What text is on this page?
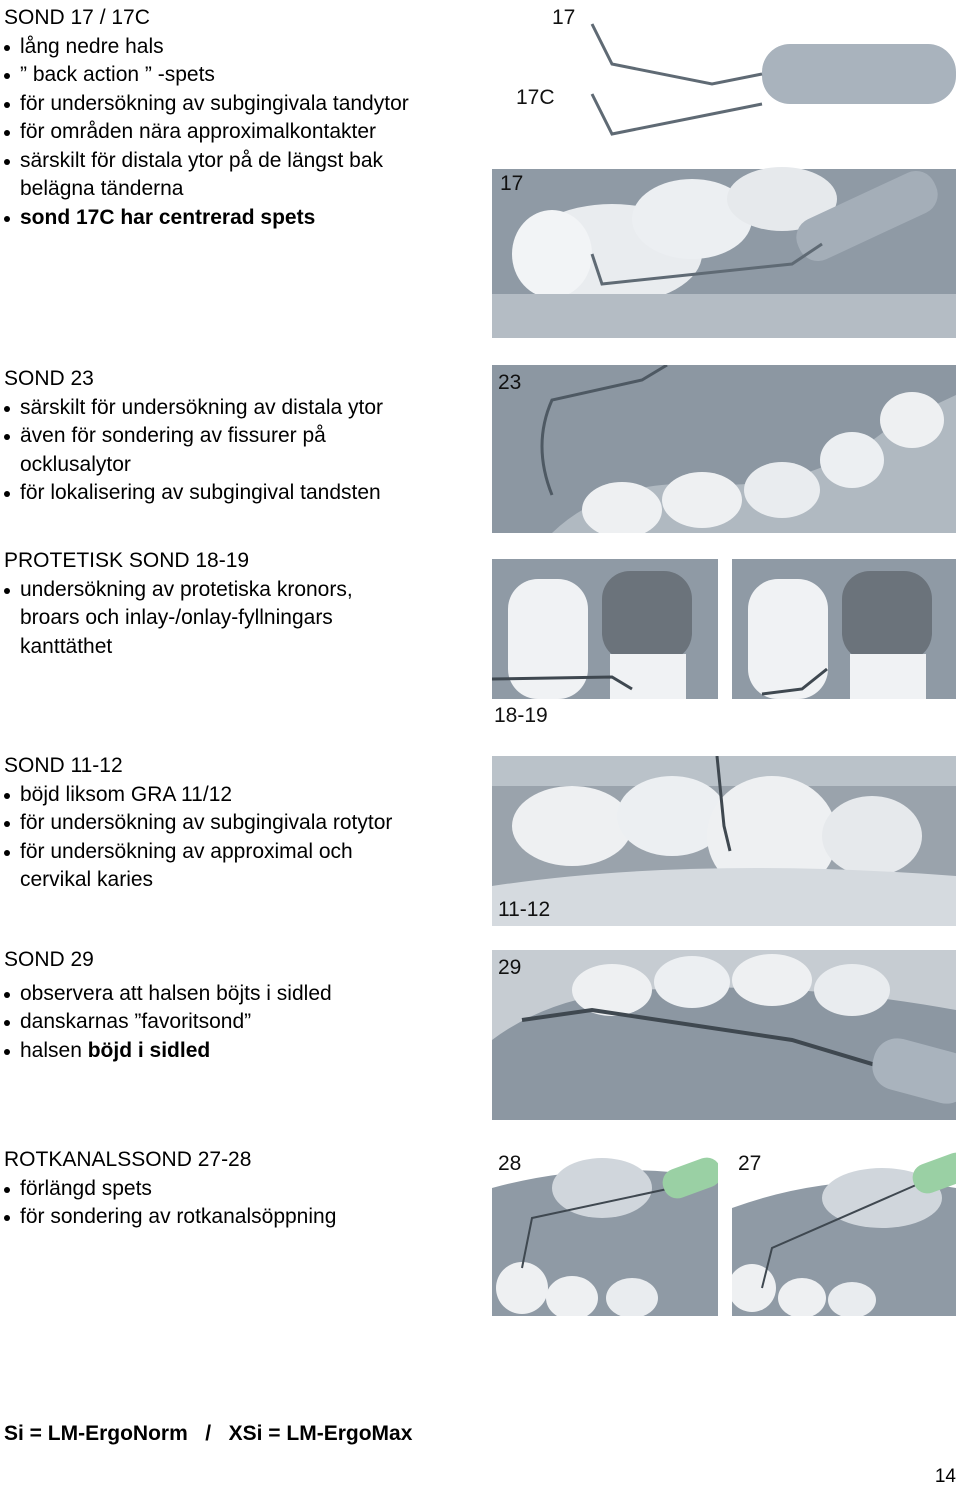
SOND 17 / 17C
lång nedre hals
” back action ” -spets
för undersökning av subgingivala tandytor
för områden nära approximalkontakter
särskilt för distala ytor på de längst bak belägna tänderna
sond 17C har centrerad spets
17
17C
17
SOND 23
särskilt för undersökning av distala ytor
även för sondering av fissurer på ocklusalytor
för lokalisering av subgingival tandsten
23
PROTETISK SOND 18-19
undersökning av protetiska kronors, broars och inlay-/onlay-fyllningars kanttäthet
18-19
SOND 11-12
böjd liksom GRA 11/12
för undersökning av subgingivala rotytor
för undersökning av approximal och cervikal karies
11-12
SOND 29
observera att halsen böjts i sidled
danskarnas ”favoritsond”
halsen böjd i sidled
29
ROTKANALSSOND 27-28
förlängd spets
för sondering av rotkanalsöppning
28	27
Si = LM-ErgoNorm   /   XSi = LM-ErgoMax
14
